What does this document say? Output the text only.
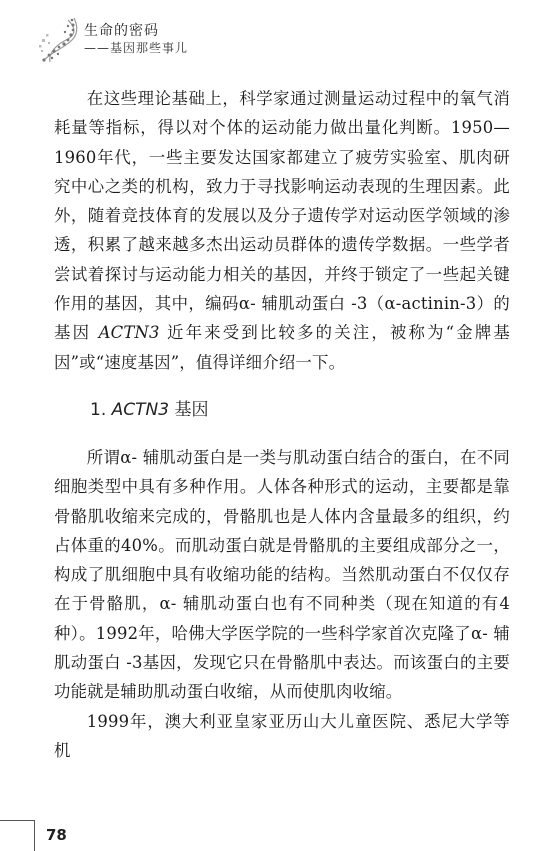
生命的密码
——基因那些事儿

在这些理论基础上，科学家通过测量运动过程中的氧气消耗量等指标，得以对个体的运动能力做出量化判断。1950—1960年代，一些主要发达国家都建立了疲劳实验室、肌肉研究中心之类的机构，致力于寻找影响运动表现的生理因素。此外，随着竞技体育的发展以及分子遗传学对运动医学领域的渗透，积累了越来越多杰出运动员群体的遗传学数据。一些学者尝试着探讨与运动能力相关的基因，并终于锁定了一些起关键作用的基因，其中，编码α- 辅肌动蛋白 -3（α-actinin-3）的基因 ACTN3 近年来受到比较多的关注，被称为“金牌基因”或“速度基因”，值得详细介绍一下。

1. ACTN3 基因

所谓α- 辅肌动蛋白是一类与肌动蛋白结合的蛋白，在不同细胞类型中具有多种作用。人体各种形式的运动，主要都是靠骨骼肌收缩来完成的，骨骼肌也是人体内含量最多的组织，约占体重的40%。而肌动蛋白就是骨骼肌的主要组成部分之一，构成了肌细胞中具有收缩功能的结构。当然肌动蛋白不仅仅存在于骨骼肌，α- 辅肌动蛋白也有不同种类（现在知道的有4种）。1992年，哈佛大学医学院的一些科学家首次克隆了α- 辅肌动蛋白 -3基因，发现它只在骨骼肌中表达。而该蛋白的主要功能就是辅助肌动蛋白收缩，从而使肌肉收缩。

1999年，澳大利亚皇家亚历山大儿童医院、悉尼大学等机

78
